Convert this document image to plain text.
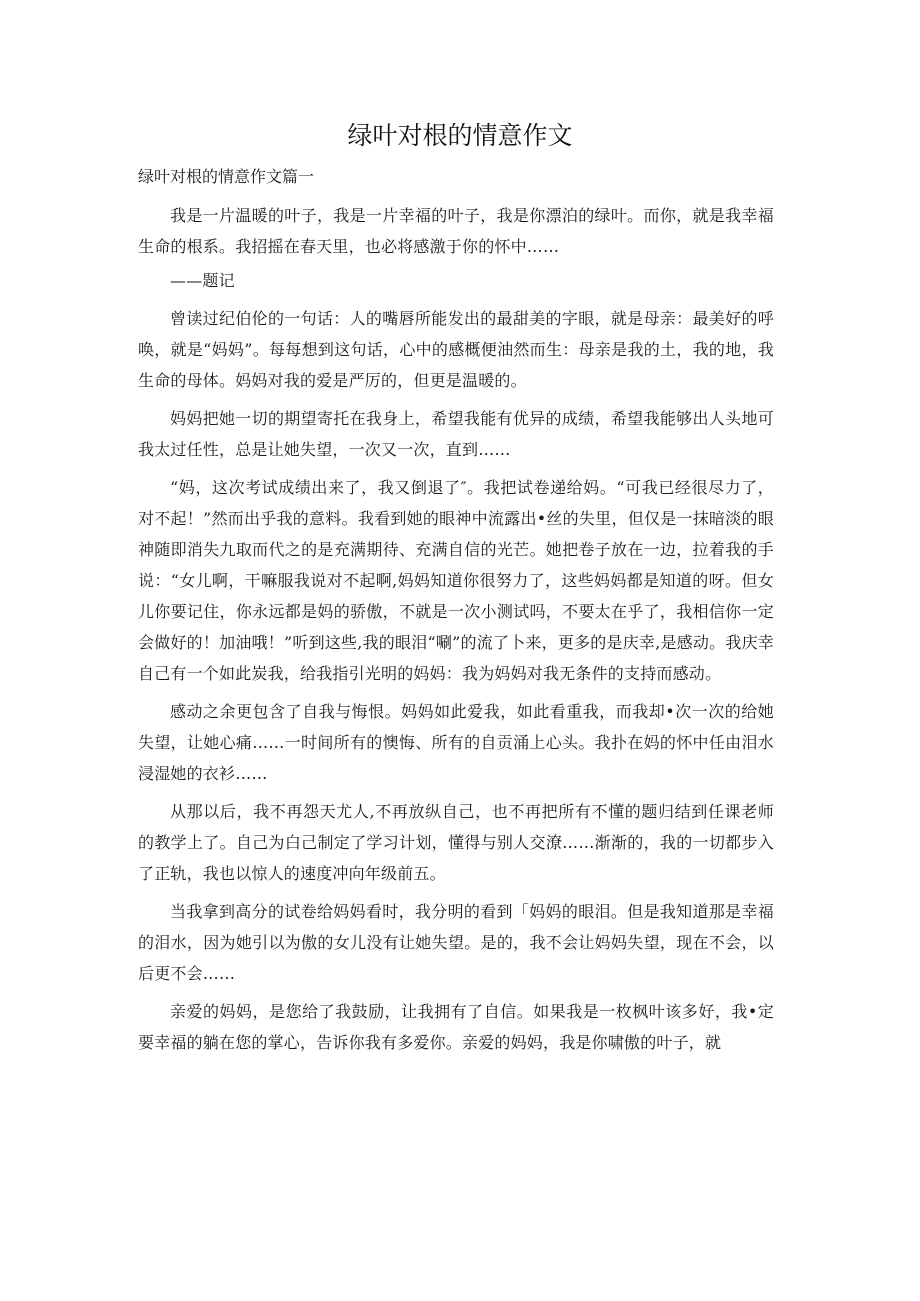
绿叶对根的情意作文

绿叶对根的情意作文篇一

我是一片温暖的叶子，我是一片幸福的叶子，我是你漂泊的绿叶。而你，就是我幸福生命的根系。我招摇在春天里，也必将感激于你的怀中……

——题记

曾读过纪伯伦的一句话：人的嘴唇所能发出的最甜美的字眼，就是母亲：最美好的呼唤，就是“妈妈”。每每想到这句话，心中的感概便油然而生：母亲是我的土，我的地，我生命的母体。妈妈对我的爱是严厉的，但更是温暖的。

妈妈把她一切的期望寄托在我身上，希望我能有优异的成绩，希望我能够出人头地可我太过任性，总是让她失望，一次又一次，直到……

“妈，这次考试成绩出来了，我又倒退了″。我把试卷递给妈。“可我已经很尽力了，对不起！”然而出乎我的意料。我看到她的眼神中流露出•丝的失里，但仅是一抹暗淡的眼神随即消失九取而代之的是充满期待、充满自信的光芒。她把卷子放在一边，拉着我的手说：“女儿啊，干嘛服我说对不起啊,妈妈知道你很努力了，这些妈妈都是知道的呀。但女儿你要记住，你永远都是妈的骄傲，不就是一次小测试吗，不要太在乎了，我相信你一定会做好的！加油哦！”听到这些,我的眼泪“唰”的流了卜来，更多的是庆幸,是感动。我庆幸自己有一个如此炭我，给我指引光明的妈妈：我为妈妈对我无条件的支持而感动。

感动之余更包含了自我与悔恨。妈妈如此爱我，如此看重我，而我却•次一次的给她失望，让她心痛……一时间所有的懊悔、所有的自贡涌上心头。我扑在妈的怀中任由泪水浸湿她的衣衫……

从那以后，我不再怨天尤人,不再放纵自己，也不再把所有不懂的题归结到任课老师的教学上了。自己为白己制定了学习计划，懂得与别人交潦……渐渐的，我的一切都步入了正轨，我也以惊人的速度冲向年级前五。

当我拿到高分的试卷给妈妈看时，我分明的看到「妈妈的眼泪。但是我知道那是幸福的泪水，因为她引以为傲的女儿没有让她失望。是的，我不会让妈妈失望，现在不会，以后更不会……

亲爱的妈妈，是您给了我鼓励，让我拥有了自信。如果我是一枚枫叶该多好，我•定要幸福的躺在您的掌心，告诉你我有多爱你。亲爱的妈妈，我是你啸傲的叶子，就
